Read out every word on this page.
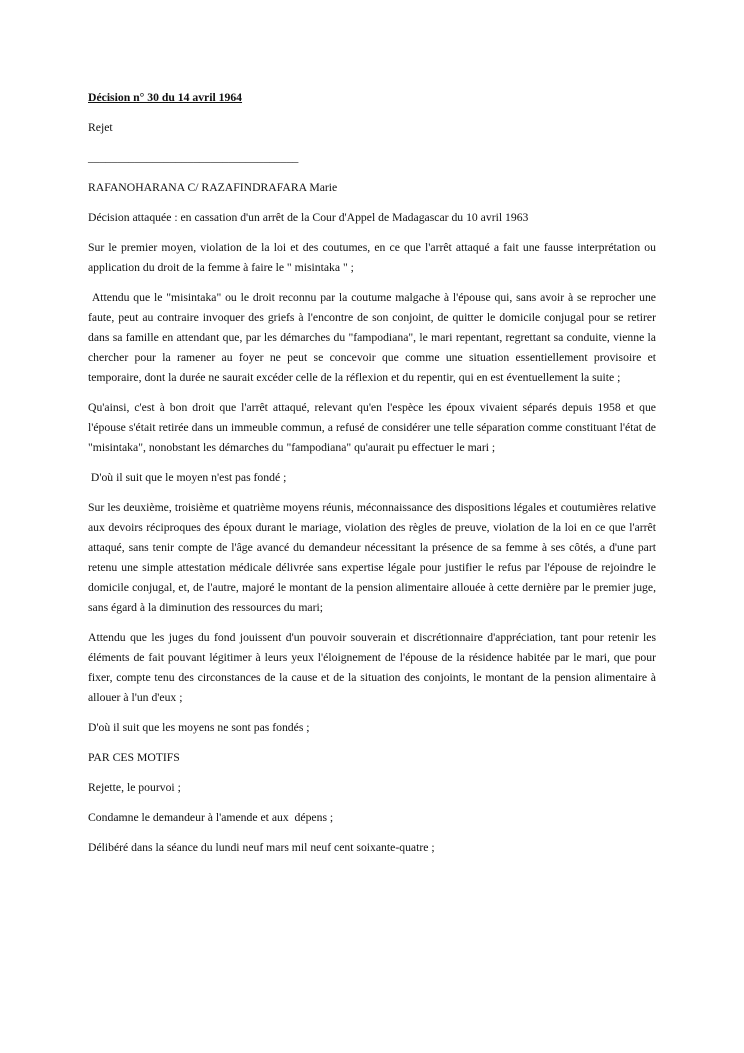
Décision n° 30 du 14 avril 1964

Rejet

____________________________________

RAFANOHARANA C/ RAZAFINDRAFARA Marie

Décision attaquée : en cassation d'un arrêt de la Cour d'Appel de Madagascar du 10 avril 1963

Sur le premier moyen, violation de la loi et des coutumes, en ce que l'arrêt attaqué a fait une fausse interprétation ou application du droit de la femme à faire le " misintaka " ;

Attendu que le "misintaka" ou le droit reconnu par la coutume malgache à l'épouse qui, sans avoir à se reprocher une faute, peut au contraire invoquer des griefs à l'encontre de son conjoint, de quitter le domicile conjugal pour se retirer dans sa famille en attendant que, par les démarches du "fampodiana", le mari repentant, regrettant sa conduite, vienne la chercher pour la ramener au foyer ne peut se concevoir que comme une situation essentiellement provisoire et temporaire, dont la durée ne saurait excéder celle de la réflexion et du repentir, qui en est éventuellement la suite ;

Qu'ainsi, c'est à bon droit que l'arrêt attaqué, relevant qu'en l'espèce les époux vivaient séparés depuis 1958 et que l'épouse s'était retirée dans un immeuble commun, a refusé de considérer une telle séparation comme constituant l'état de "misintaka", nonobstant les démarches du "fampodiana" qu'aurait pu effectuer le mari ;

D'où il suit que le moyen n'est pas fondé ;

Sur les deuxième, troisième et quatrième moyens réunis, méconnaissance des dispositions légales et coutumières relative aux devoirs réciproques des époux durant le mariage, violation des règles de preuve, violation de la loi en ce que l'arrêt attaqué, sans tenir compte de l'âge avancé du demandeur nécessitant la présence de sa femme à ses côtés, a d'une part retenu une simple attestation médicale délivrée sans expertise légale pour justifier le refus par l'épouse de rejoindre le domicile conjugal, et, de l'autre, majoré le montant de la pension alimentaire allouée à cette dernière par le premier juge, sans égard à la diminution des ressources du mari;

Attendu que les juges du fond jouissent d'un pouvoir souverain et discrétionnaire d'appréciation, tant pour retenir les éléments de fait pouvant légitimer à leurs yeux l'éloignement de l'épouse de la résidence habitée par le mari, que pour fixer, compte tenu des circonstances de la cause et de la situation des conjoints, le montant de la pension alimentaire à allouer à l'un d'eux ;

D'où il suit que les moyens ne sont pas fondés ;

PAR CES MOTIFS

Rejette, le pourvoi ;

Condamne le demandeur à l'amende et aux  dépens ;

Délibéré dans la séance du lundi neuf mars mil neuf cent soixante-quatre ;
